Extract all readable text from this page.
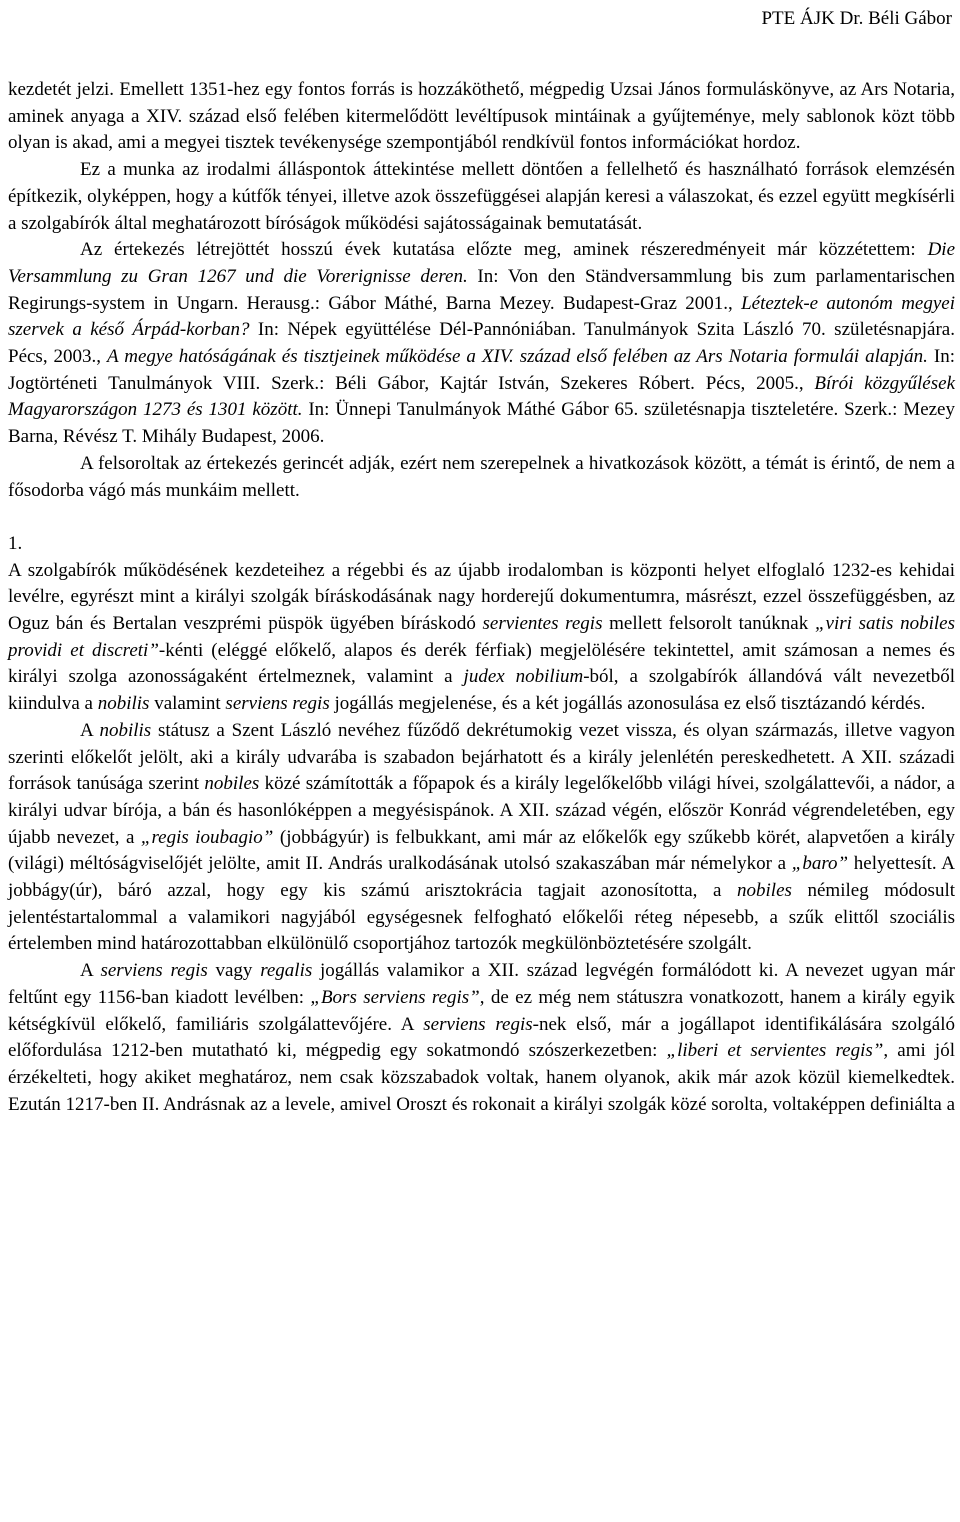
PTE ÁJK Dr. Béli Gábor

kezdetét jelzi. Emellett 1351-hez egy fontos forrás is hozzáköthető, mégpedig Uzsai János formuláskönyve, az Ars Notaria, aminek anyaga a XIV. század első felében kitermelődött levéltípusok mintáinak a gyűjteménye, mely sablonok közt több olyan is akad, ami a megyei tisztek tevékenysége szempontjából rendkívül fontos információkat hordoz.

Ez a munka az irodalmi álláspontok áttekintése mellett döntően a fellelhető és használható források elemzésén építkezik, olyképpen, hogy a kútfők tényei, illetve azok összefüggései alapján keresi a válaszokat, és ezzel együtt megkísérli a szolgabírók által meghatározott bíróságok működési sajátosságainak bemutatását.

Az értekezés létrejöttét hosszú évek kutatása előzte meg, aminek részeredményeit már közzétettem: Die Versammlung zu Gran 1267 und die Vorerignisse deren. In: Von den Ständversammlung bis zum parlamentarischen Regirungs-system in Ungarn. Herausg.: Gábor Máthé, Barna Mezey. Budapest-Graz 2001., Léteztek-e autonóm megyei szervek a késő Árpád-korban? In: Népek együttélése Dél-Pannóniában. Tanulmányok Szita László 70. születésnapjára. Pécs, 2003., A megye hatóságának és tisztjeinek működése a XIV. század első felében az Ars Notaria formulái alapján. In: Jogtörténeti Tanulmányok VIII. Szerk.: Béli Gábor, Kajtár István, Szekeres Róbert. Pécs, 2005., Bírói közgyűlések Magyarországon 1273 és 1301 között. In: Ünnepi Tanulmányok Máthé Gábor 65. születésnapja tiszteletére. Szerk.: Mezey Barna, Révész T. Mihály Budapest, 2006.

A felsoroltak az értekezés gerincét adják, ezért nem szerepelnek a hivatkozások között, a témát is érintő, de nem a fősodorba vágó más munkáim mellett.

1.

A szolgabírók működésének kezdeteihez a régebbi és az újabb irodalomban is központi helyet elfoglaló 1232-es kehidai levélre, egyrészt mint a királyi szolgák bíráskodásának nagy horderejű dokumentumra, másrészt, ezzel összefüggésben, az Oguz bán és Bertalan veszprémi püspök ügyében bíráskodó servientes regis mellett felsorolt tanúknak „viri satis nobiles providi et discreti”-kénti (eléggé előkelő, alapos és derék férfiak) megjelölésére tekintettel, amit számosan a nemes és királyi szolga azonosságaként értelmeznek, valamint a judex nobilium-ból, a szolgabírók állandóvá vált nevezetből kiindulva a nobilis valamint serviens regis jogállás megjelenése, és a két jogállás azonosulása ez első tisztázandó kérdés.

A nobilis státusz a Szent László nevéhez fűződő dekrétumokig vezet vissza, és olyan származás, illetve vagyon szerinti előkelőt jelölt, aki a király udvarába is szabadon bejárhatott és a király jelenlétén pereskedhetett. A XII. századi források tanúsága szerint nobiles közé számították a főpapok és a király legelőkelőbb világi hívei, szolgálattevői, a nádor, a királyi udvar bírója, a bán és hasonlóképpen a megyésispánok. A XII. század végén, először Konrád végrendeletében, egy újabb nevezet, a „regis ioubagio” (jobbágyúr) is felbukkant, ami már az előkelők egy szűkebb körét, alapvetően a király (világi) méltóságviselőjét jelölte, amit II. András uralkodásának utolsó szakaszában már némelykor a „baro” helyettesít. A jobbágy(úr), báró azzal, hogy egy kis számú arisztokrácia tagjait azonosította, a nobiles némileg módosult jelentéstartalommal a valamikori nagyjából egységesnek felfogható előkelői réteg népesebb, a szűk elittől szociális értelemben mind határozottabban elkülönülő csoportjához tartozók megkülönböztetésére szolgált.

A serviens regis vagy regalis jogállás valamikor a XII. század legvégén formálódott ki. A nevezet ugyan már feltűnt egy 1156-ban kiadott levélben: „Bors serviens regis”, de ez még nem státuszra vonatkozott, hanem a király egyik kétségkívül előkelő, familiáris szolgálattevőjére. A serviens regis-nek első, már a jogállapot identifikálására szolgáló előfordulása 1212-ben mutatható ki, mégpedig egy sokatmondó szószerkezetben: „liberi et servientes regis”, ami jól érzékelteti, hogy akiket meghatároz, nem csak közszabadok voltak, hanem olyanok, akik már azok közül kiemelkedtek. Ezután 1217-ben II. Andrásnak az a levele, amivel Oroszt és rokonait a királyi szolgák közé sorolta, voltaképpen definiálta a
